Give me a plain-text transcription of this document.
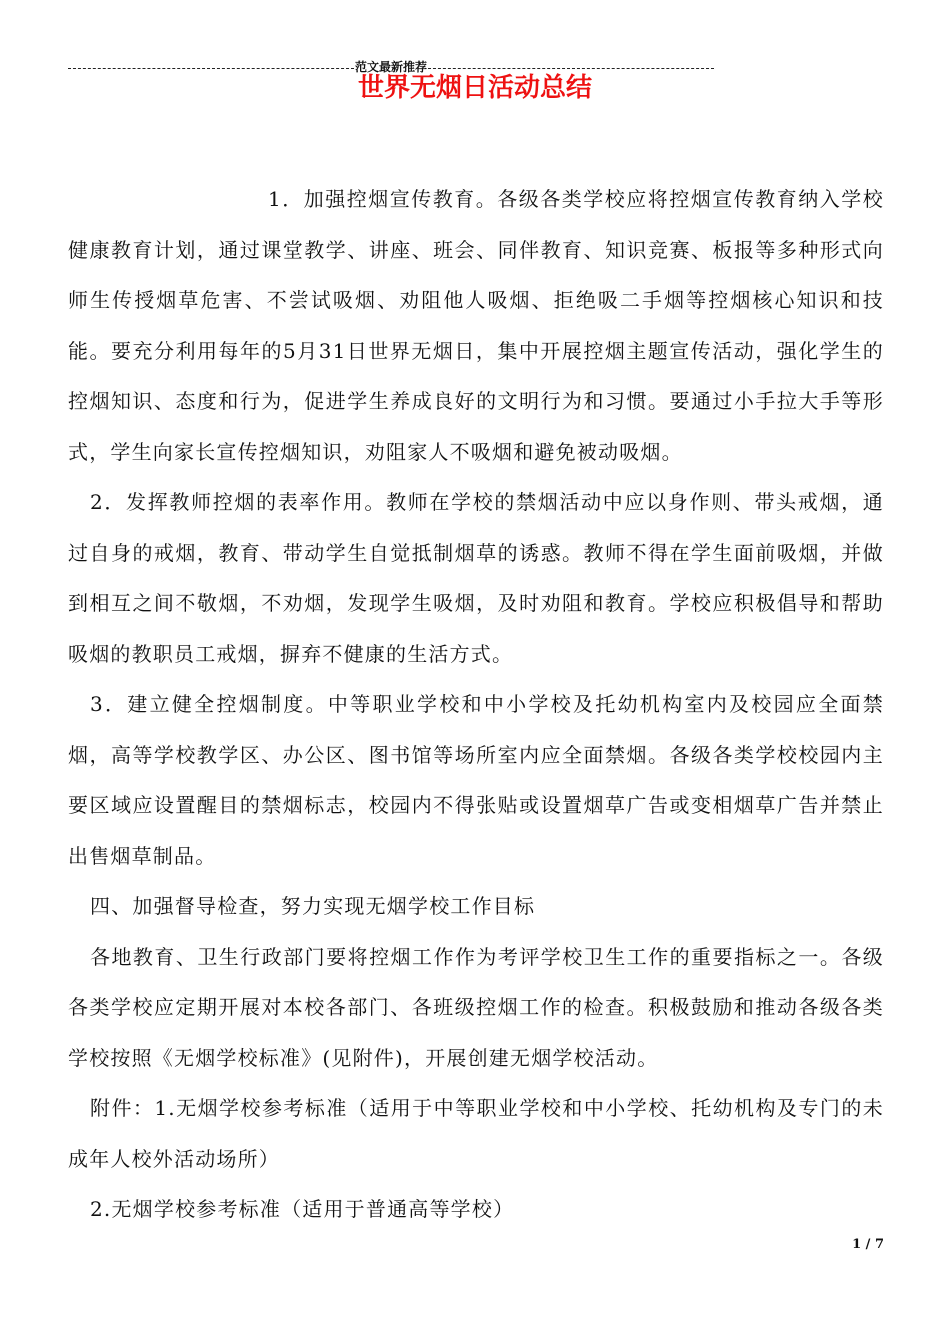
范文最新推荐
世界无烟日活动总结

1．加强控烟宣传教育。各级各类学校应将控烟宣传教育纳入学校健康教育计划，通过课堂教学、讲座、班会、同伴教育、知识竞赛、板报等多种形式向师生传授烟草危害、不尝试吸烟、劝阻他人吸烟、拒绝吸二手烟等控烟核心知识和技能。要充分利用每年的5月31日世界无烟日，集中开展控烟主题宣传活动，强化学生的控烟知识、态度和行为，促进学生养成良好的文明行为和习惯。要通过小手拉大手等形式，学生向家长宣传控烟知识，劝阻家人不吸烟和避免被动吸烟。

2．发挥教师控烟的表率作用。教师在学校的禁烟活动中应以身作则、带头戒烟，通过自身的戒烟，教育、带动学生自觉抵制烟草的诱惑。教师不得在学生面前吸烟，并做到相互之间不敬烟，不劝烟，发现学生吸烟，及时劝阻和教育。学校应积极倡导和帮助吸烟的教职员工戒烟，摒弃不健康的生活方式。

3．建立健全控烟制度。中等职业学校和中小学校及托幼机构室内及校园应全面禁烟，高等学校教学区、办公区、图书馆等场所室内应全面禁烟。各级各类学校校园内主要区域应设置醒目的禁烟标志，校园内不得张贴或设置烟草广告或变相烟草广告并禁止出售烟草制品。

四、加强督导检查，努力实现无烟学校工作目标

各地教育、卫生行政部门要将控烟工作作为考评学校卫生工作的重要指标之一。各级各类学校应定期开展对本校各部门、各班级控烟工作的检查。积极鼓励和推动各级各类学校按照《无烟学校标准》(见附件)，开展创建无烟学校活动。

附件：1.无烟学校参考标准（适用于中等职业学校和中小学校、托幼机构及专门的未成年人校外活动场所）

2.无烟学校参考标准（适用于普通高等学校）

1 / 7
